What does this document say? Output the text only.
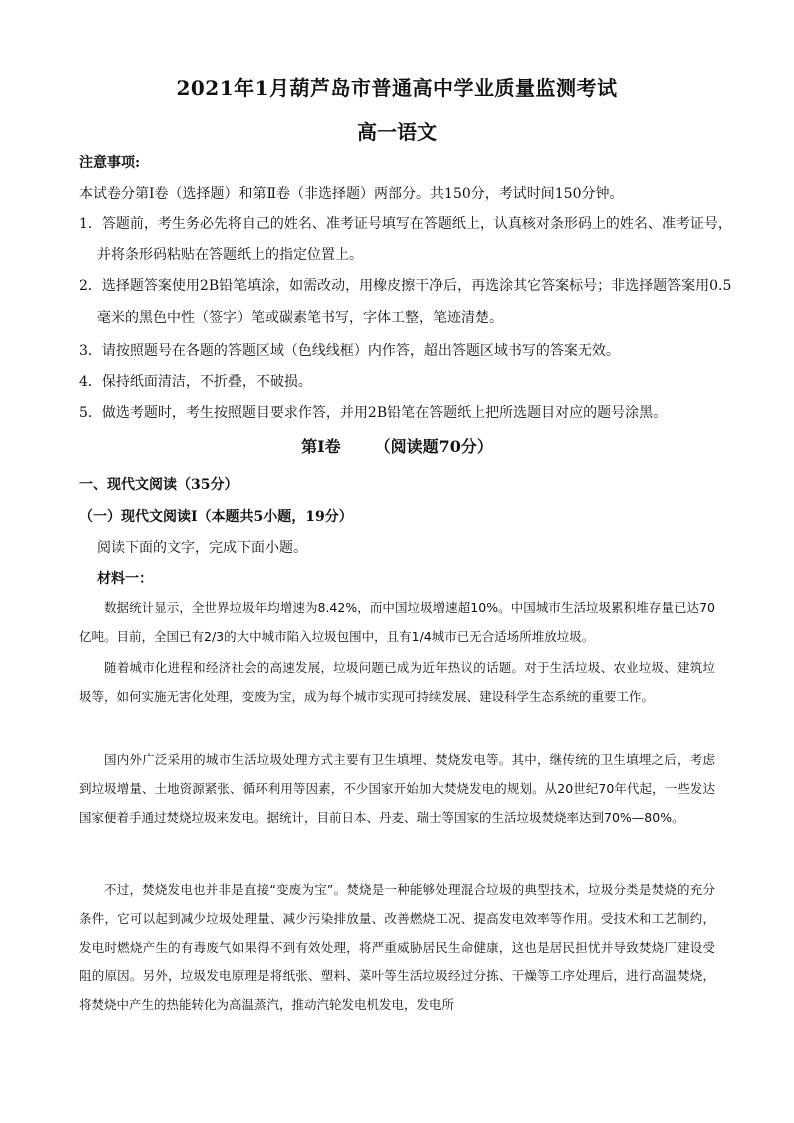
2021年1月葫芦岛市普通高中学业质量监测考试
高一语文
注意事项:
本试卷分第Ⅰ卷（选择题）和第Ⅱ卷（非选择题）两部分。共150分，考试时间150分钟。
1．答题前，考生务必先将自己的姓名、准考证号填写在答题纸上，认真核对条形码上的姓名、准考证号，
并将条形码粘贴在答题纸上的指定位置上。
2．选择题答案使用2B铅笔填涂，如需改动，用橡皮擦干净后，再选涂其它答案标号；非选择题答案用0.5
毫米的黑色中性（签字）笔或碳素笔书写，字体工整，笔迹清楚。
3．请按照题号在各题的答题区域（色线线框）内作答，超出答题区域书写的答案无效。
4．保持纸面清洁，不折叠，不破损。
5．做选考题时，考生按照题目要求作答，并用2B铅笔在答题纸上把所选题目对应的题号涂黑。
第Ⅰ卷 （阅读题70分）
一、现代文阅读（35分）
（一）现代文阅读Ⅰ（本题共5小题，19分）
阅读下面的文字，完成下面小题。
材料一：
数据统计显示，全世界垃圾年均增速为8.42%，而中国垃圾增速超10%。中国城市生活垃圾累积堆存量已达70亿吨。目前，全国已有2/3的大中城市陷入垃圾包围中，且有1/4城市已无合适场所堆放垃圾。
随着城市化进程和经济社会的高速发展，垃圾问题已成为近年热议的话题。对于生活垃圾、农业垃圾、建筑垃圾等，如何实施无害化处理，变废为宝，成为每个城市实现可持续发展、建设科学生态系统的重要工作。
国内外广泛采用的城市生活垃圾处理方式主要有卫生填埋、焚烧发电等。其中，继传统的卫生填埋之后，考虑到垃圾增量、土地资源紧张、循环利用等因素，不少国家开始加大焚烧发电的规划。从20世纪70年代起，一些发达国家便着手通过焚烧垃圾来发电。据统计，目前日本、丹麦、瑞士等国家的生活垃圾焚烧率达到70%—80%。
不过，焚烧发电也并非是直接“变废为宝”。焚烧是一种能够处理混合垃圾的典型技术，垃圾分类是焚烧的充分条件，它可以起到减少垃圾处理量、减少污染排放量、改善燃烧工况、提高发电效率等作用。受技术和工艺制约，发电时燃烧产生的有毒废气如果得不到有效处理，将严重威胁居民生命健康，这也是居民担忧并导致焚烧厂建设受阻的原因。另外，垃圾发电原理是将纸张、塑料、菜叶等生活垃圾经过分拣、干燥等工序处理后，进行高温焚烧，将焚烧中产生的热能转化为高温蒸汽，推动汽轮发电机发电，发电所
